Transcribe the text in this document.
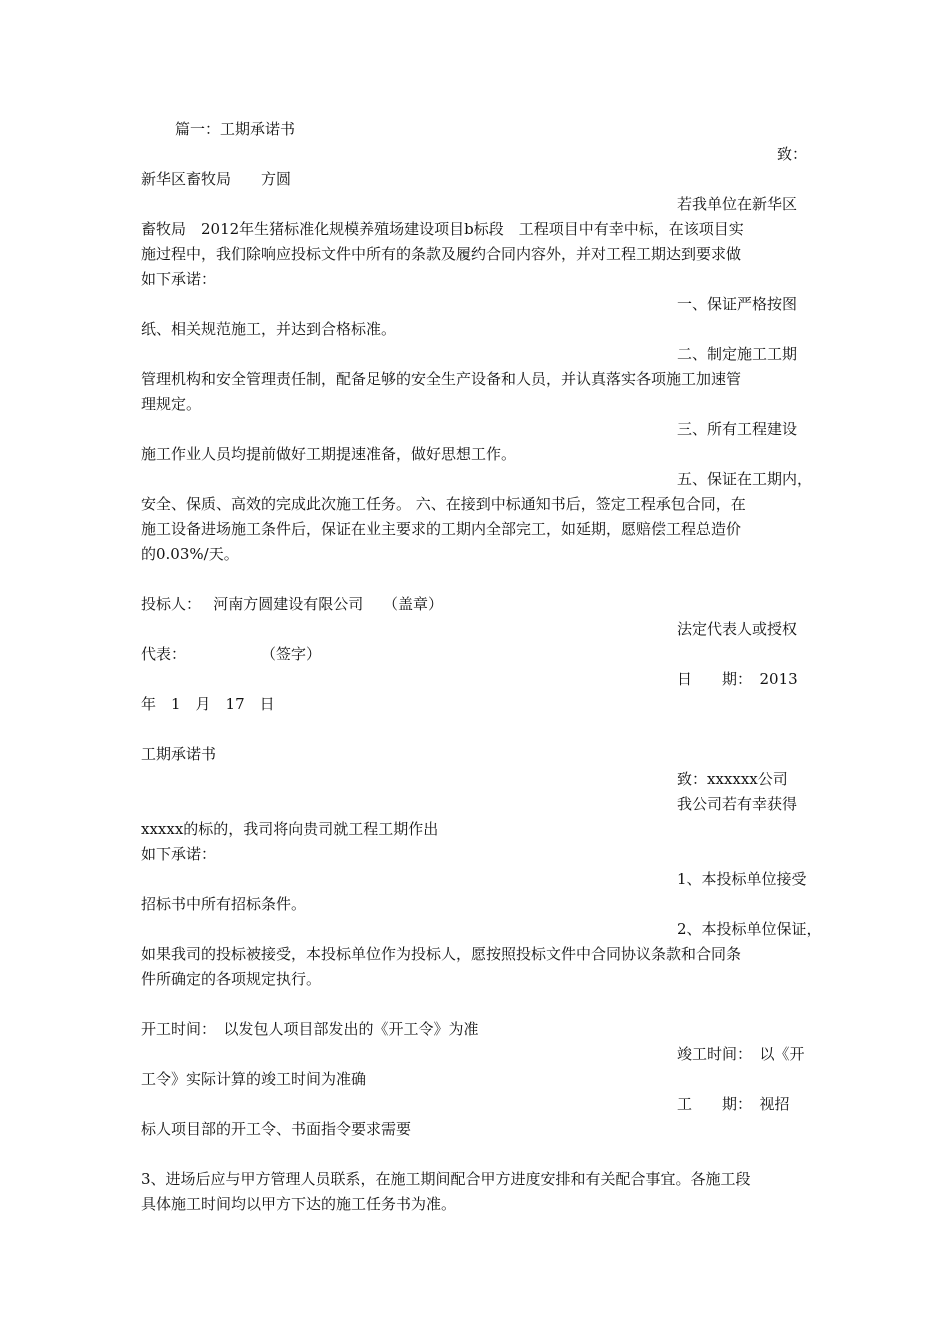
篇一：工期承诺书
致：
新华区畜牧局　　方圆
若我单位在新华区
畜牧局　2012年生猪标准化规模养殖场建设项目b标段　工程项目中有幸中标，在该项目实
施过程中，我们除响应投标文件中所有的条款及履约合同内容外，并对工程工期达到要求做
如下承诺：
一、保证严格按图
纸、相关规范施工，并达到合格标准。
二、制定施工工期
管理机构和安全管理责任制，配备足够的安全生产设备和人员，并认真落实各项施工加速管
理规定。
三、所有工程建设
施工作业人员均提前做好工期提速准备，做好思想工作。
五、保证在工期内，
安全、保质、高效的完成此次施工任务。 六、在接到中标通知书后，签定工程承包合同，在
施工设备进场施工条件后，保证在业主要求的工期内全部完工，如延期，愿赔偿工程总造价
的0.03%/天。
投标人：　 河南方圆建设有限公司　 （盖章）
法定代表人或授权
代表：　　　　　　（签字）
日　　期：　2013
年　1　月　17　日
工期承诺书
致：xxxxxx公司
我公司若有幸获得
xxxxx的标的，我司将向贵司就工程工期作出
如下承诺：
1、本投标单位接受
招标书中所有招标条件。
2、本投标单位保证，
如果我司的投标被接受，本投标单位作为投标人，愿按照投标文件中合同协议条款和合同条
件所确定的各项规定执行。
开工时间：　以发包人项目部发出的《开工令》为准
竣工时间：　以《开
工令》实际计算的竣工时间为准确
工　　期：　视招
标人项目部的开工令、书面指令要求需要
3、进场后应与甲方管理人员联系，在施工期间配合甲方进度安排和有关配合事宜。各施工段
具体施工时间均以甲方下达的施工任务书为准。
